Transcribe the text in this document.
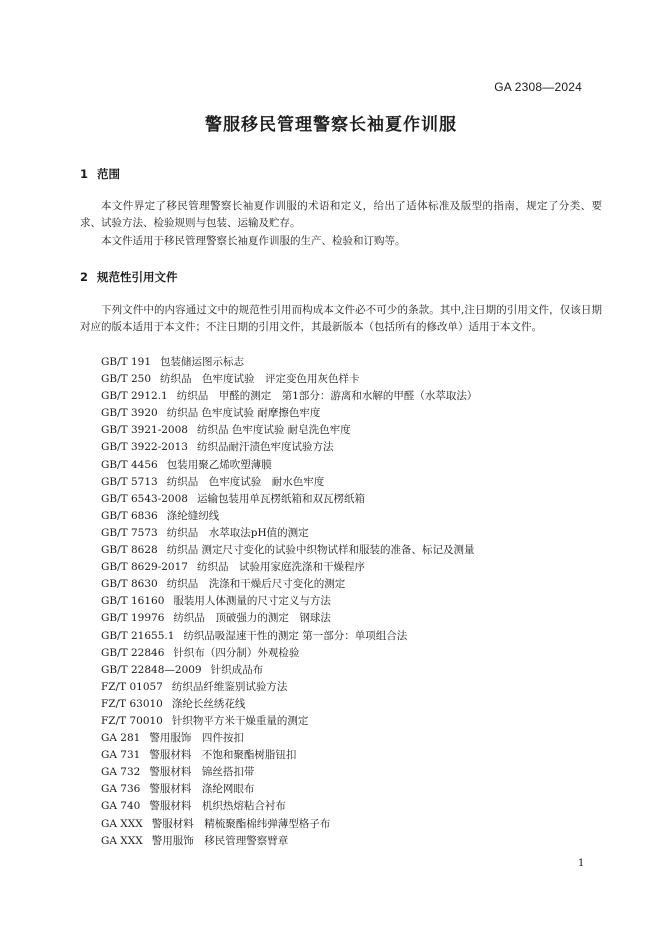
GA 2308—2024
警服移民管理警察长袖夏作训服
1 范围

本文件界定了移民管理警察长袖夏作训服的术语和定义，给出了适体标准及版型的指南，规定了分类、要求、试验方法、检验规则与包装、运输及贮存。

本文件适用于移民管理警察长袖夏作训服的生产、检验和订购等。

2 规范性引用文件

下列文件中的内容通过文中的规范性引用而构成本文件必不可少的条款。其中,注日期的引用文件，仅该日期对应的版本适用于本文件；不注日期的引用文件，其最新版本（包括所有的修改单）适用于本文件。

GB/T 191 包装储运图示标志
GB/T 250 纺织品　色牢度试验　评定变色用灰色样卡
GB/T 2912.1 纺织品　甲醛的测定　第1部分：游离和水解的甲醛（水萃取法）
GB/T 3920 纺织品 色牢度试验 耐摩擦色牢度
GB/T 3921-2008 纺织品 色牢度试验 耐皂洗色牢度
GB/T 3922-2013 纺织品耐汗渍色牢度试验方法
GB/T 4456 包装用聚乙烯吹塑薄膜
GB/T 5713 纺织品　色牢度试验　耐水色牢度
GB/T 6543-2008 运输包装用单瓦楞纸箱和双瓦楞纸箱
GB/T 6836 涤纶缝纫线
GB/T 7573 纺织品　水萃取法pH值的测定
GB/T 8628 纺织品 测定尺寸变化的试验中织物试样和服装的准备、标记及测量
GB/T 8629-2017 纺织品　试验用家庭洗涤和干燥程序
GB/T 8630 纺织品　洗涤和干燥后尺寸变化的测定
GB/T 16160 服装用人体测量的尺寸定义与方法
GB/T 19976 纺织品　顶破强力的测定　钢球法
GB/T 21655.1 纺织品吸湿速干性的测定 第一部分：单项组合法
GB/T 22846 针织布（四分制）外观检验
GB/T 22848—2009 针织成品布
FZ/T 01057 纺织品纤维鉴别试验方法
FZ/T 63010 涤纶长丝绣花线
FZ/T 70010 针织物平方米干燥重量的测定
GA 281 警用服饰　四件按扣
GA 731 警服材料　不饱和聚酯树脂钮扣
GA 732 警服材料　锦丝搭扣带
GA 736 警服材料　涤纶网眼布
GA 740 警服材料　机织热熔粘合衬布
GA XXX 警服材料　精梳聚酯棉纬弹薄型格子布
GA XXX 警用服饰　移民管理警察臂章
1
